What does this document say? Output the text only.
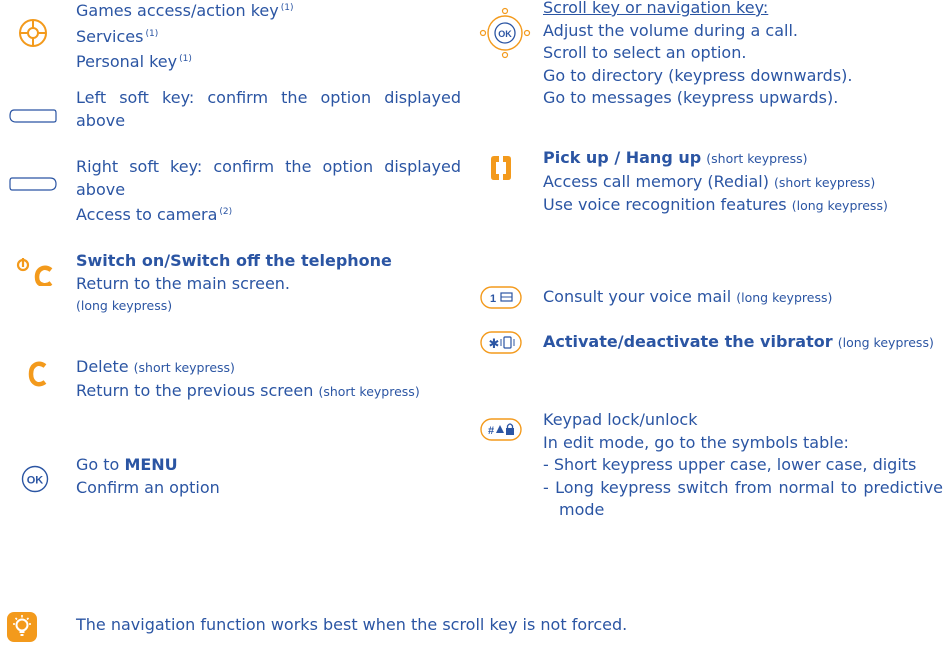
Games access/action key $^{(1)}$
Services $^{(1)}$
Personal key $^{(1)}$
Left soft key: confirm the option displayed above
Right soft key: confirm the option displayed above
Access to camera $^{(2)}$
Switch on/Switch off the telephone
Return to the main screen.
(long keypress)
Delete (short keypress)
Return to the previous screen (short keypress)
OK
Go to MENU
Confirm an option
OK
Scroll key or navigation key:
Adjust the volume during a call.
Scroll to select an option.
Go to directory (keypress downwards).
Go to messages (keypress upwards).
Pick up / Hang up (short keypress)
Access call memory (Redial) (short keypress)
Use voice recognition features (long keypress)
1	Consult your voice mail (long keypress)
✱	Activate/deactivate the vibrator (long keypress)
#
Keypad lock/unlock
In edit mode, go to the symbols table:
- Short keypress upper case, lower case, digits
- Long keypress switch from normal to predictive mode
The navigation function works best when the scroll key is not forced.
